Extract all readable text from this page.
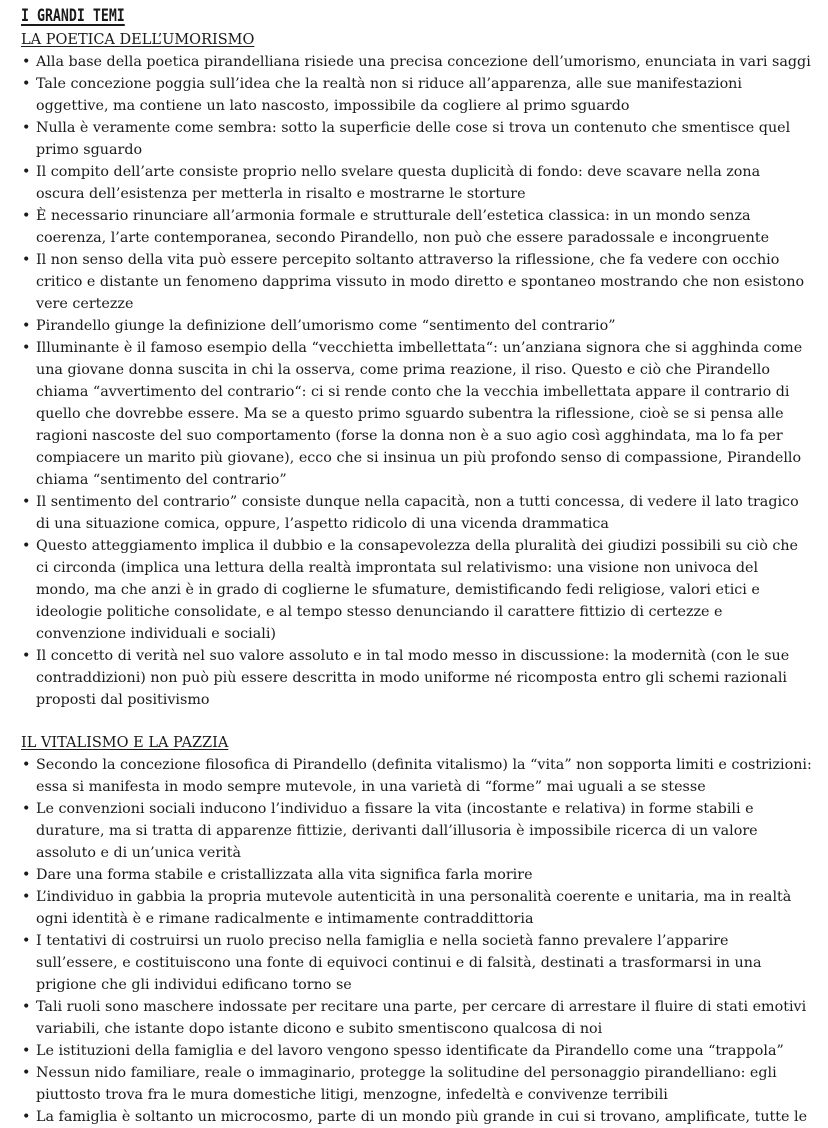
I GRANDI TEMI
LA POETICA DELL’UMORISMO
• Alla base della poetica pirandelliana risiede una precisa concezione dell’umorismo, enunciata in vari saggi
• Tale concezione poggia sull’idea che la realtà non si riduce all’apparenza, alle sue manifestazioni oggettive, ma contiene un lato nascosto, impossibile da cogliere al primo sguardo
• Nulla è veramente come sembra: sotto la superficie delle cose si trova un contenuto che smentisce quel primo sguardo
• Il compito dell’arte consiste proprio nello svelare questa duplicità di fondo: deve scavare nella zona oscura dell’esistenza per metterla in risalto e mostrarne le storture
• È necessario rinunciare all’armonia formale e strutturale dell’estetica classica: in un mondo senza coerenza, l’arte contemporanea, secondo Pirandello, non può che essere paradossale e incongruente
• Il non senso della vita può essere percepito soltanto attraverso la riflessione, che fa vedere con occhio critico e distante un fenomeno dapprima vissuto in modo diretto e spontaneo mostrando che non esistono vere certezze
• Pirandello giunge la definizione dell’umorismo come “sentimento del contrario”
• Illuminante è il famoso esempio della “vecchietta imbellettata“: un’anziana signora che si agghinda come una giovane donna suscita in chi la osserva, come prima reazione, il riso. Questo e ciò che Pirandello chiama “avvertimento del contrario“: ci si rende conto che la vecchia imbellettata appare il contrario di quello che dovrebbe essere. Ma se a questo primo sguardo subentra la riflessione, cioè se si pensa alle ragioni nascoste del suo comportamento (forse la donna non è a suo agio così agghindata, ma lo fa per compiacere un marito più giovane), ecco che si insinua un più profondo senso di compassione, Pirandello chiama “sentimento del contrario”
• Il sentimento del contrario” consiste dunque nella capacità, non a tutti concessa, di vedere il lato tragico di una situazione comica, oppure, l’aspetto ridicolo di una vicenda drammatica
• Questo atteggiamento implica il dubbio e la consapevolezza della pluralità dei giudizi possibili su ciò che ci circonda (implica una lettura della realtà improntata sul relativismo: una visione non univoca del mondo, ma che anzi è in grado di coglierne le sfumature, demistificando fedi religiose, valori etici e ideologie politiche consolidate, e al tempo stesso denunciando il carattere fittizio di certezze e convenzione individuali e sociali)
• Il concetto di verità nel suo valore assoluto e in tal modo messo in discussione: la modernità (con le sue contraddizioni) non può più essere descritta in modo uniforme né ricomposta entro gli schemi razionali proposti dal positivismo
IL VITALISMO E LA PAZZIA
• Secondo la concezione filosofica di Pirandello (definita vitalismo) la “vita” non sopporta limiti e costrizioni: essa si manifesta in modo sempre mutevole, in una varietà di “forme” mai uguali a se stesse
• Le convenzioni sociali inducono l’individuo a fissare la vita (incostante e relativa) in forme stabili e durature, ma si tratta di apparenze fittizie, derivanti dall’illusoria è impossibile ricerca di un valore assoluto e di un’unica verità
• Dare una forma stabile e cristallizzata alla vita significa farla morire
• L’individuo in gabbia la propria mutevole autenticità in una personalità coerente e unitaria, ma in realtà ogni identità è e rimane radicalmente e intimamente contraddittoria
• I tentativi di costruirsi un ruolo preciso nella famiglia e nella società fanno prevalere l’apparire sull’essere, e costituiscono una fonte di equivoci continui e di falsità, destinati a trasformarsi in una prigione che gli individui edificano torno se
• Tali ruoli sono maschere indossate per recitare una parte, per cercare di arrestare il fluire di stati emotivi variabili, che istante dopo istante dicono e subito smentiscono qualcosa di noi
• Le istituzioni della famiglia e del lavoro vengono spesso identificate da Pirandello come una “trappola”
• Nessun nido familiare, reale o immaginario, protegge la solitudine del personaggio pirandelliano: egli piuttosto trova fra le mura domestiche litigi, menzogne, infedeltà e convivenze terribili
• La famiglia è soltanto un microcosmo, parte di un mondo più grande in cui si trovano, amplificate, tutte le
